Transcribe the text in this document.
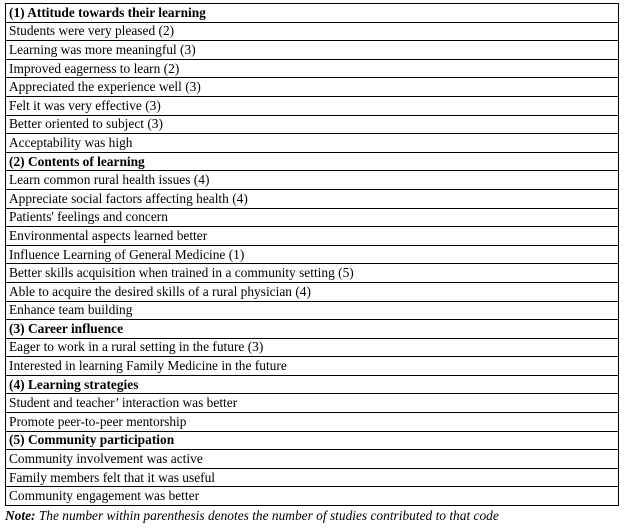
(1) Attitude towards their learning
Students were very pleased (2)
Learning was more meaningful (3)
Improved eagerness to learn (2)
Appreciated the experience well (3)
Felt it was very effective (3)
Better oriented to subject (3)
Acceptability was high
(2) Contents of learning
Learn common rural health issues (4)
Appreciate social factors affecting health (4)
Patients' feelings and concern
Environmental aspects learned better
Influence Learning of General Medicine (1)
Better skills acquisition when trained in a community setting (5)
Able to acquire the desired skills of a rural physician (4)
Enhance team building
(3) Career influence
Eager to work in a rural setting in the future (3)
Interested in learning Family Medicine in the future
(4) Learning strategies
Student and teacher’ interaction was better
Promote peer-to-peer mentorship
(5) Community participation
Community involvement was active
Family members felt that it was useful
Community engagement was better
Note: The number within parenthesis denotes the number of studies contributed to that code
